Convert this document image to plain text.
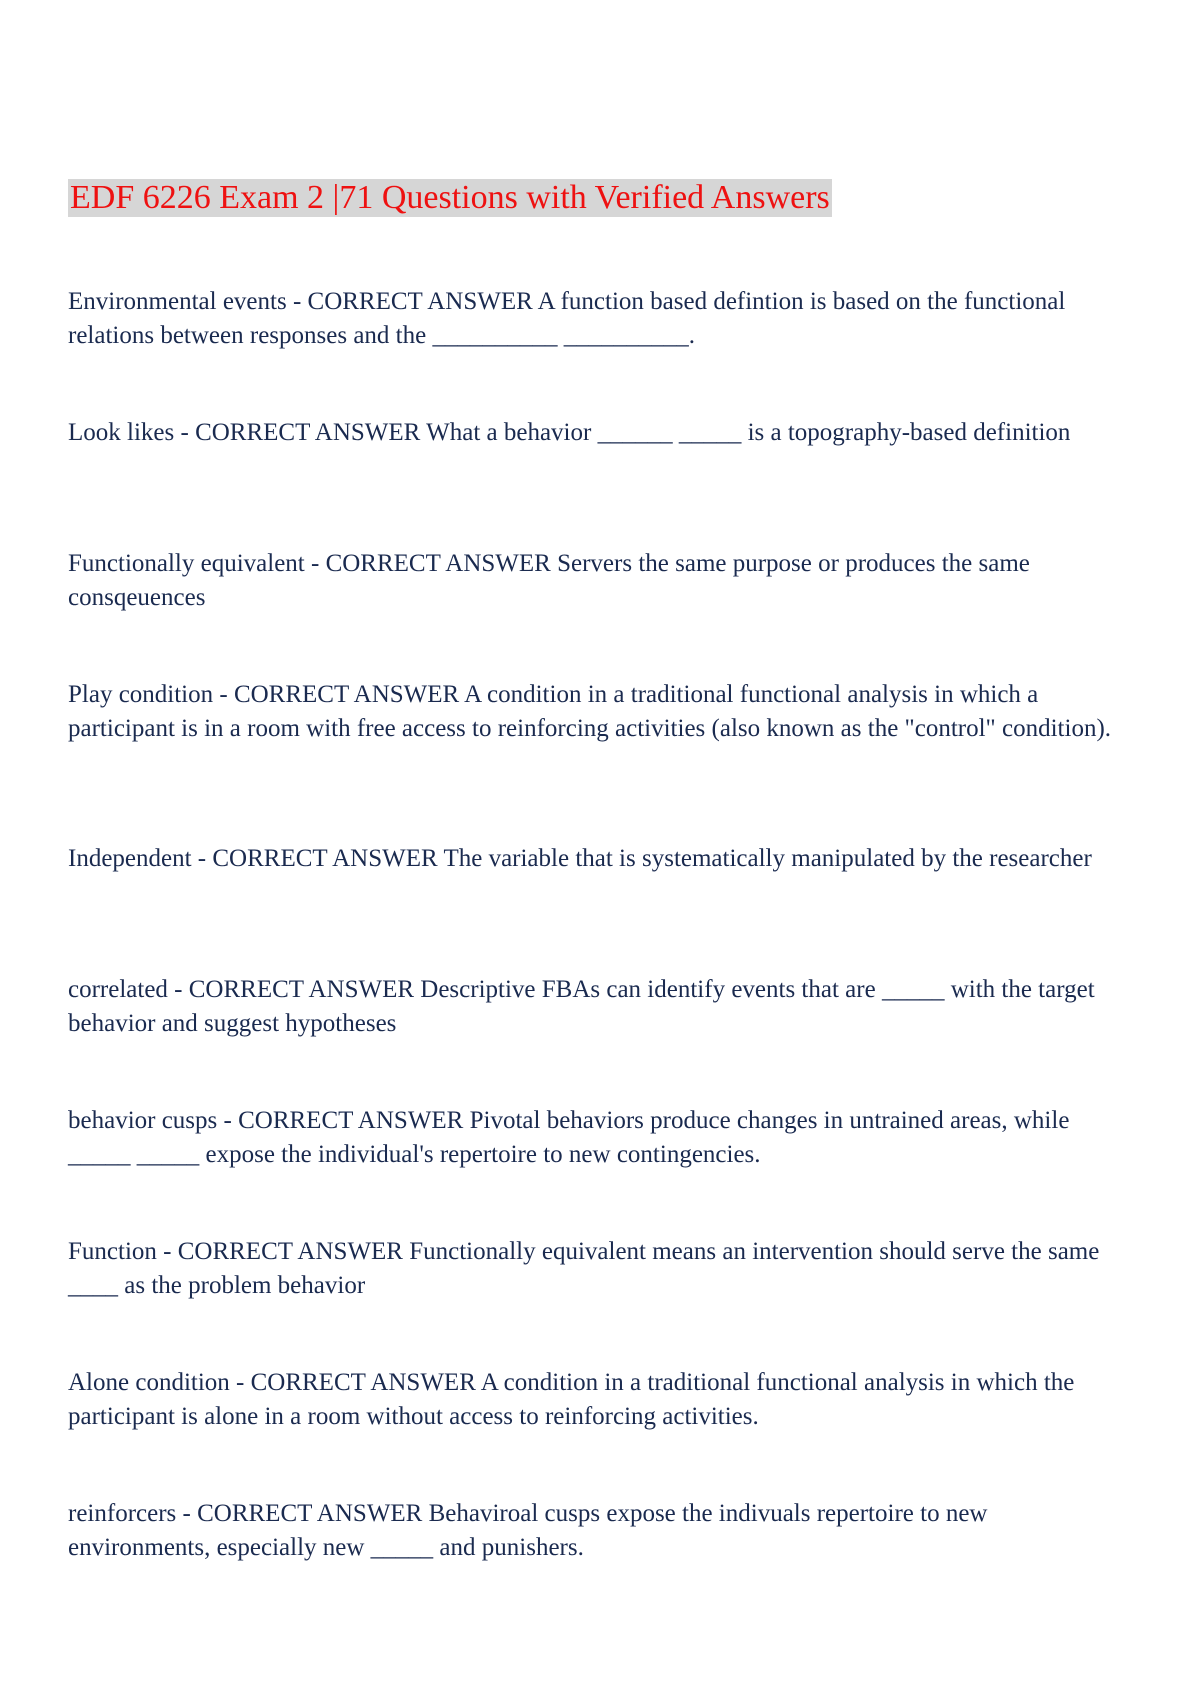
EDF 6226 Exam 2 |71 Questions with Verified Answers
Environmental events - CORRECT ANSWER A function based defintion is based on the functional relations between responses and the __________ __________.
Look likes - CORRECT ANSWER What a behavior ______ _____ is a topography-based definition
Functionally equivalent - CORRECT ANSWER Servers the same purpose or produces the same consqeuences
Play condition - CORRECT ANSWER A condition in a traditional functional analysis in which a participant is in a room with free access to reinforcing activities (also known as the "control" condition).
Independent - CORRECT ANSWER The variable that is systematically manipulated by the researcher
correlated - CORRECT ANSWER Descriptive FBAs can identify events that are _____ with the target behavior and suggest hypotheses
behavior cusps - CORRECT ANSWER Pivotal behaviors produce changes in untrained areas, while _____ _____ expose the individual's repertoire to new contingencies.
Function - CORRECT ANSWER Functionally equivalent means an intervention should serve the same ____ as the problem behavior
Alone condition - CORRECT ANSWER A condition in a traditional functional analysis in which the participant is alone in a room without access to reinforcing activities.
reinforcers - CORRECT ANSWER Behaviroal cusps expose the indivuals repertoire to new environments, especially new _____ and punishers.
